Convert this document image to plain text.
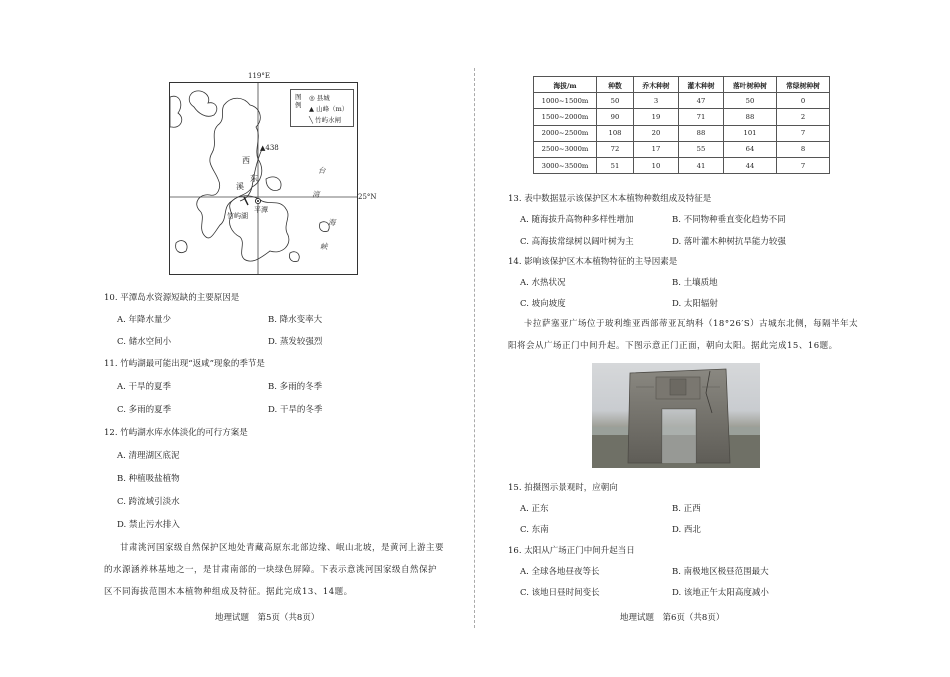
119°E
图例
◎ 县城
▲ 山峰（m）
╲ 竹屿水闸
▲438
西
东
溪
平潭
竹屿湖
台
湾
海
峡
25°N
10. 平潭岛水资源短缺的主要原因是
A. 年降水量少	B. 降水变率大
C. 储水空间小	D. 蒸发较强烈
11. 竹屿湖最可能出现“返咸”现象的季节是
A. 干旱的夏季	B. 多雨的冬季
C. 多雨的夏季	D. 干旱的冬季
12. 竹屿湖水库水体淡化的可行方案是
A. 清理湖区底泥
B. 种植吸盐植物
C. 跨流域引淡水
D. 禁止污水排入
甘肃洮河国家级自然保护区地处青藏高原东北部边缘、岷山北坡，是黄河上游主要
的水源涵养林基地之一，是甘肃南部的一块绿色屏障。下表示意洮河国家级自然保护
区不同海拔范围木本植物种组成及特征。据此完成13、14题。
地理试题　第5页（共8页）
海拔/m	种数	乔木种树	灌木种树	落叶树种树	常绿树种树
1000~1500m	50	3	47	50	0
1500~2000m	90	19	71	88	2
2000~2500m	108	20	88	101	7
2500~3000m	72	17	55	64	8
3000~3500m	51	10	41	44	7
13. 表中数据显示该保护区木本植物种数组成及特征是
A. 随海拔升高物种多样性增加	B. 不同物种垂直变化趋势不同
C. 高海拔常绿树以阔叶树为主	D. 落叶灌木种树抗旱能力较强
14. 影响该保护区木本植物特征的主导因素是
A. 水热状况	B. 土壤质地
C. 坡向坡度	D. 太阳辐射
卡拉萨塞亚广场位于玻利维亚西部蒂亚瓦纳科（18°26′S）古城东北侧，每隔半年太
阳将会从广场正门中间升起。下图示意正门正面，朝向太阳。据此完成15、16题。
15. 拍摄图示景观时，应朝向
A. 正东	B. 正西
C. 东南	D. 西北
16. 太阳从广场正门中间升起当日
A. 全球各地昼夜等长	B. 南极地区极昼范围最大
C. 该地日昼时间变长	D. 该地正午太阳高度减小
地理试题　第6页（共8页）
